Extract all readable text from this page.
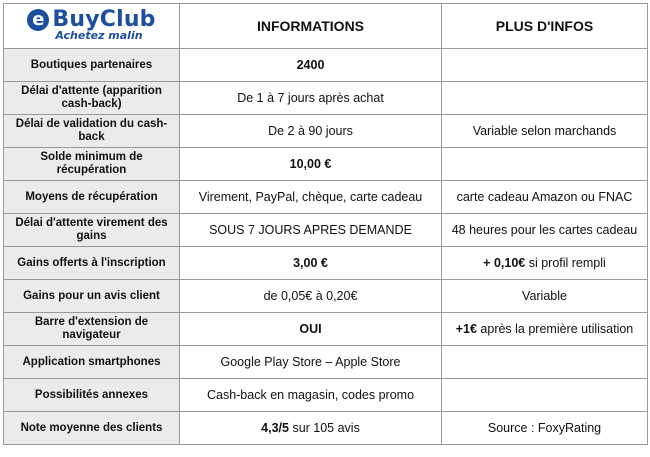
e BuyClub
Achetez malin	INFORMATIONS	PLUS D'INFOS
Boutiques partenaires	2400	
Délai d'attente (apparition cash-back)	De 1 à 7 jours après achat	
Délai de validation du cash-back	De 2 à 90 jours	Variable selon marchands
Solde minimum de récupération	10,00 €	
Moyens de récupération	Virement, PayPal, chèque, carte cadeau	carte cadeau Amazon ou FNAC
Délai d'attente virement des gains	SOUS 7 JOURS APRES DEMANDE	48 heures pour les cartes cadeau
Gains offerts à l'inscription	3,00 €	+ 0,10€ si profil rempli
Gains pour un avis client	de 0,05€ à 0,20€	Variable
Barre d'extension de navigateur	OUI	+1€ après la première utilisation
Application smartphones	Google Play Store – Apple Store	
Possibilités annexes	Cash-back en magasin, codes promo	
Note moyenne des clients	4,3/5 sur 105 avis	Source : FoxyRating
